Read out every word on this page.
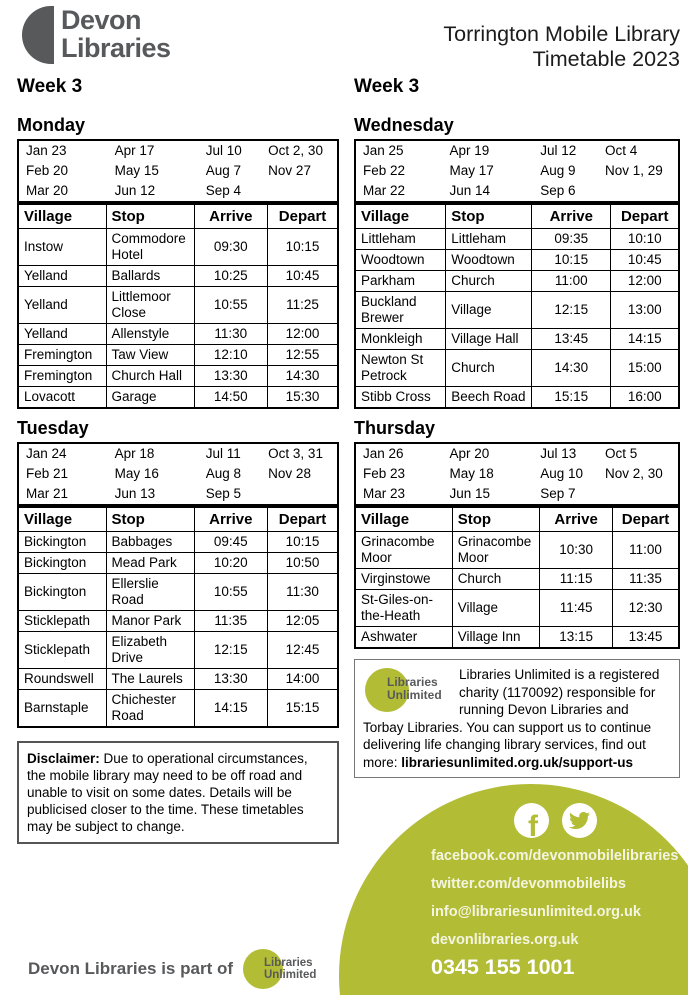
Devon
Libraries	Torrington Mobile Library
Timetable 2023
Week 3
Monday
Jan 23	Apr 17	Jul 10	Oct 2, 30
Feb 20	May 15	Aug 7	Nov 27
Mar 20	Jun 12	Sep 4	
Village	Stop	Arrive	Depart
Instow	Commodore Hotel	09:30	10:15
Yelland	Ballards	10:25	10:45
Yelland	Littlemoor Close	10:55	11:25
Yelland	Allenstyle	11:30	12:00
Fremington	Taw View	12:10	12:55
Fremington	Church Hall	13:30	14:30
Lovacott	Garage	14:50	15:30
Tuesday
Jan 24	Apr 18	Jul 11	Oct 3, 31
Feb 21	May 16	Aug 8	Nov 28
Mar 21	Jun 13	Sep 5	
Village	Stop	Arrive	Depart
Bickington	Babbages	09:45	10:15
Bickington	Mead Park	10:20	10:50
Bickington	Ellerslie Road	10:55	11:30
Sticklepath	Manor Park	11:35	12:05
Sticklepath	Elizabeth Drive	12:15	12:45
Roundswell	The Laurels	13:30	14:00
Barnstaple	Chichester Road	14:15	15:15

Disclaimer: Due to operational circumstances, the mobile library may need to be off road and unable to visit on some dates. Details will be publicised closer to the time. These timetables may be subject to change.

Week 3
Wednesday
Jan 25	Apr 19	Jul 12	Oct 4
Feb 22	May 17	Aug 9	Nov 1, 29
Mar 22	Jun 14	Sep 6	
Village	Stop	Arrive	Depart
Littleham	Littleham	09:35	10:10
Woodtown	Woodtown	10:15	10:45
Parkham	Church	11:00	12:00
Buckland Brewer	Village	12:15	13:00
Monkleigh	Village Hall	13:45	14:15
Newton St Petrock	Church	14:30	15:00
Stibb Cross	Beech Road	15:15	16:00
Thursday
Jan 26	Apr 20	Jul 13	Oct 5
Feb 23	May 18	Aug 10	Nov 2, 30
Mar 23	Jun 15	Sep 7	
Village	Stop	Arrive	Depart
Grinacombe Moor	Grinacombe Moor	10:30	11:00
Virginstowe	Church	11:15	11:35
St-Giles-on-the-Heath	Village	11:45	12:30
Ashwater	Village Inn	13:15	13:45
Libraries
Unlimited

Libraries Unlimited is a registered charity (1170092) responsible for running Devon Libraries and Torbay Libraries. You can support us to continue delivering life changing library services, find out more: librariesunlimited.org.uk/support-us

f
facebook.com/devonmobilelibraries
twitter.com/devonmobilelibs
info@librariesunlimited.org.uk
devonlibraries.org.uk
0345 155 1001
Devon Libraries is part of	Libraries
Unlimited
